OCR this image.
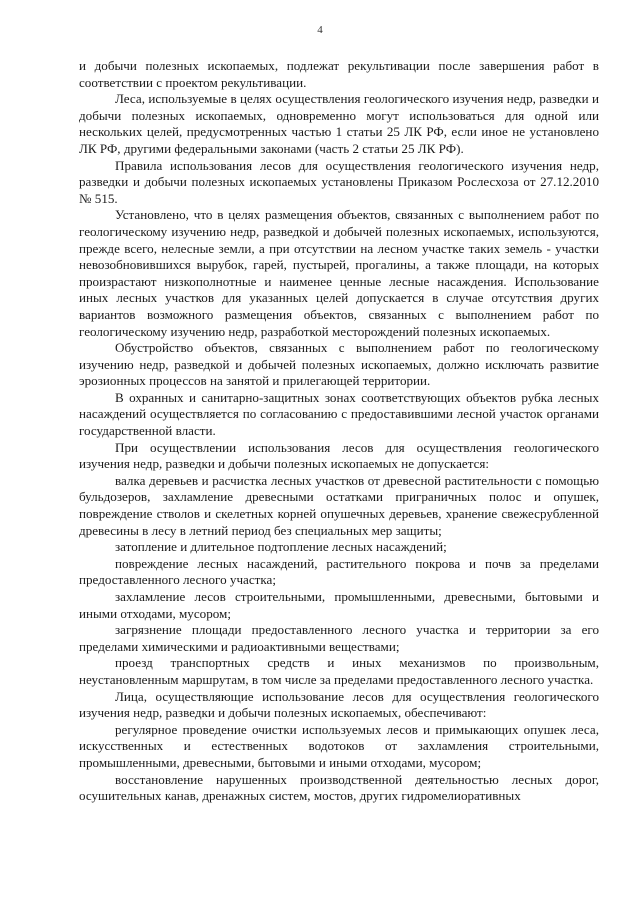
4

и добычи полезных ископаемых, подлежат рекультивации после завершения работ в соответствии с проектом рекультивации.

Леса, используемые в целях осуществления геологического изучения недр, разведки и добычи полезных ископаемых, одновременно могут использоваться для одной или нескольких целей, предусмотренных частью 1 статьи 25 ЛК РФ, если иное не установлено ЛК РФ, другими федеральными законами (часть 2 статьи 25 ЛК РФ).

Правила использования лесов для осуществления геологического изучения недр, разведки и добычи полезных ископаемых установлены Приказом Рослесхоза от 27.12.2010 № 515.

Установлено, что в целях размещения объектов, связанных с выполнением работ по геологическому изучению недр, разведкой и добычей полезных ископаемых, используются, прежде всего, нелесные земли, а при отсутствии на лесном участке таких земель - участки невозобновившихся вырубок, гарей, пустырей, прогалины, а также площади, на которых произрастают низкополнотные и наименее ценные лесные насаждения. Использование иных лесных участков для указанных целей допускается в случае отсутствия других вариантов возможного размещения объектов, связанных с выполнением работ по геологическому изучению недр, разработкой месторождений полезных ископаемых.

Обустройство объектов, связанных с выполнением работ по геологическому изучению недр, разведкой и добычей полезных ископаемых, должно исключать развитие эрозионных процессов на занятой и прилегающей территории.

В охранных и санитарно-защитных зонах соответствующих объектов рубка лесных насаждений осуществляется по согласованию с предоставившими лесной участок органами государственной власти.

При осуществлении использования лесов для осуществления геологического изучения недр, разведки и добычи полезных ископаемых не допускается:

валка деревьев и расчистка лесных участков от древесной растительности с помощью бульдозеров, захламление древесными остатками приграничных полос и опушек, повреждение стволов и скелетных корней опушечных деревьев, хранение свежесрубленной древесины в лесу в летний период без специальных мер защиты;

затопление и длительное подтопление лесных насаждений;

повреждение лесных насаждений, растительного покрова и почв за пределами предоставленного лесного участка;

захламление лесов строительными, промышленными, древесными, бытовыми и иными отходами, мусором;

загрязнение площади предоставленного лесного участка и территории за его пределами химическими и радиоактивными веществами;

проезд транспортных средств и иных механизмов по произвольным, неустановленным маршрутам, в том числе за пределами предоставленного лесного участка.

Лица, осуществляющие использование лесов для осуществления геологического изучения недр, разведки и добычи полезных ископаемых, обеспечивают:

регулярное проведение очистки используемых лесов и примыкающих опушек леса, искусственных и естественных водотоков от захламления строительными, промышленными, древесными, бытовыми и иными отходами, мусором;

восстановление нарушенных производственной деятельностью лесных дорог, осушительных канав, дренажных систем, мостов, других гидромелиоративных
